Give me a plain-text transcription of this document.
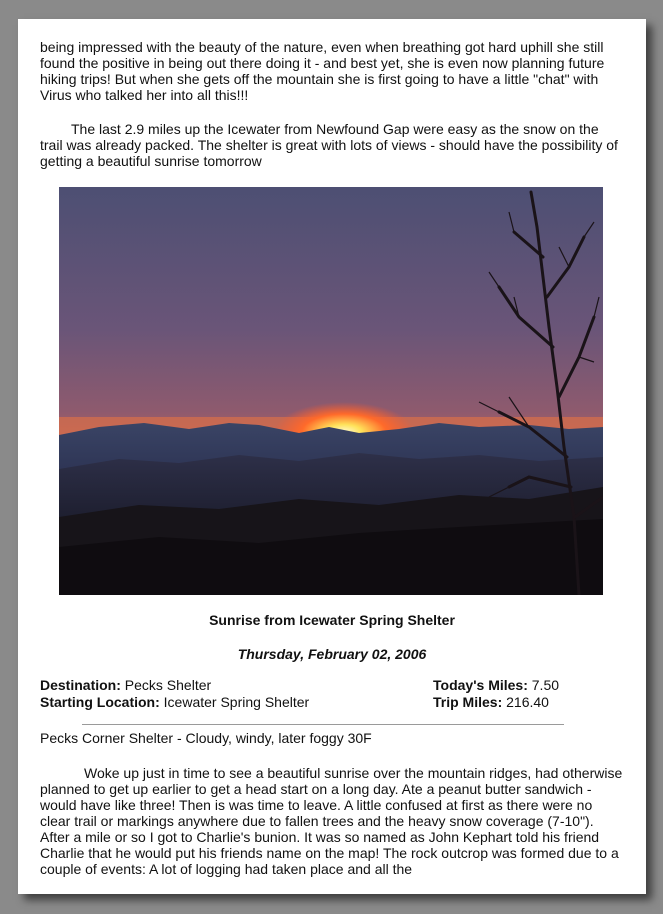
being impressed with the beauty of the nature, even when breathing got hard uphill she still found the positive in being out there doing it - and best yet, she is even now planning future hiking trips! But when she gets off the mountain she is first going to have a little "chat" with Virus who talked her into all this!!!
The last 2.9 miles up the Icewater from Newfound Gap were easy as the snow on the trail was already packed. The shelter is great with lots of views - should have the possibility of getting a beautiful sunrise tomorrow
Sunrise from Icewater Spring Shelter
Thursday, February 02, 2006
Destination: Pecks Shelter
Starting Location: Icewater Spring Shelter
Today's Miles: 7.50
Trip Miles: 216.40
Pecks Corner Shelter - Cloudy, windy, later foggy 30F
Woke up just in time to see a beautiful sunrise over the mountain ridges, had otherwise planned to get up earlier to get a head start on a long day. Ate a peanut butter sandwich - would have like three! Then is was time to leave. A little confused at first as there were no clear trail or markings anywhere due to fallen trees and the heavy snow coverage (7-10"). After a mile or so I got to Charlie's bunion. It was so named as John Kephart told his friend Charlie that he would put his friends name on the map! The rock outcrop was formed due to a couple of events: A lot of logging had taken place and all the
